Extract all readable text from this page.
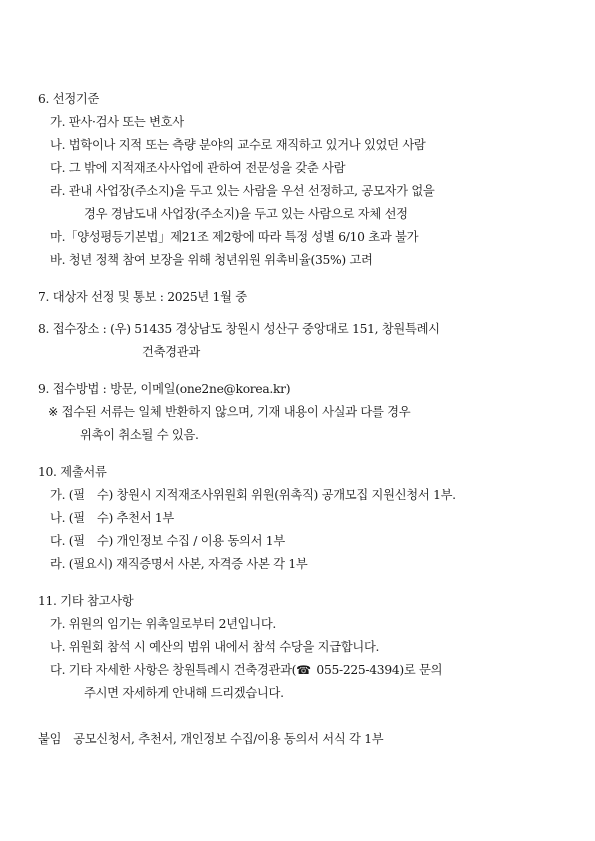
6. 선정기준
가. 판사·검사 또는 변호사
나. 법학이나 지적 또는 측량 분야의 교수로 재직하고 있거나 있었던 사람
다. 그 밖에 지적재조사사업에 관하여 전문성을 갖춘 사람
라. 관내 사업장(주소지)을 두고 있는 사람을 우선 선정하고, 공모자가 없을
경우 경남도내 사업장(주소지)을 두고 있는 사람으로 자체 선정
마.「양성평등기본법」제21조 제2항에 따라 특정 성별 6/10 초과 불가
바. 청년 정책 참여 보장을 위해 청년위원 위촉비율(35%) 고려
7. 대상자 선정 및 통보 : 2025년 1월 중
8. 접수장소 : (우) 51435 경상남도 창원시 성산구 중앙대로 151, 창원특례시
건축경관과
9. 접수방법 : 방문, 이메일(one2ne@korea.kr)
※ 접수된 서류는 일체 반환하지 않으며, 기재 내용이 사실과 다를 경우
위촉이 취소될 수 있음.
10. 제출서류
가. (필　수) 창원시 지적재조사위원회 위원(위촉직) 공개모집 지원신청서 1부.
나. (필　수) 추천서 1부
다. (필　수) 개인정보 수집 / 이용 동의서 1부
라. (필요시) 재직증명서 사본, 자격증 사본 각 1부
11. 기타 참고사항
가. 위원의 임기는 위촉일로부터 2년입니다.
나. 위원회 참석 시 예산의 범위 내에서 참석 수당을 지급합니다.
다. 기타 자세한 사항은 창원특례시 건축경관과(☎ 055-225-4394)로 문의
주시면 자세하게 안내해 드리겠습니다.
붙임　공모신청서, 추천서, 개인정보 수집/이용 동의서 서식 각 1부
